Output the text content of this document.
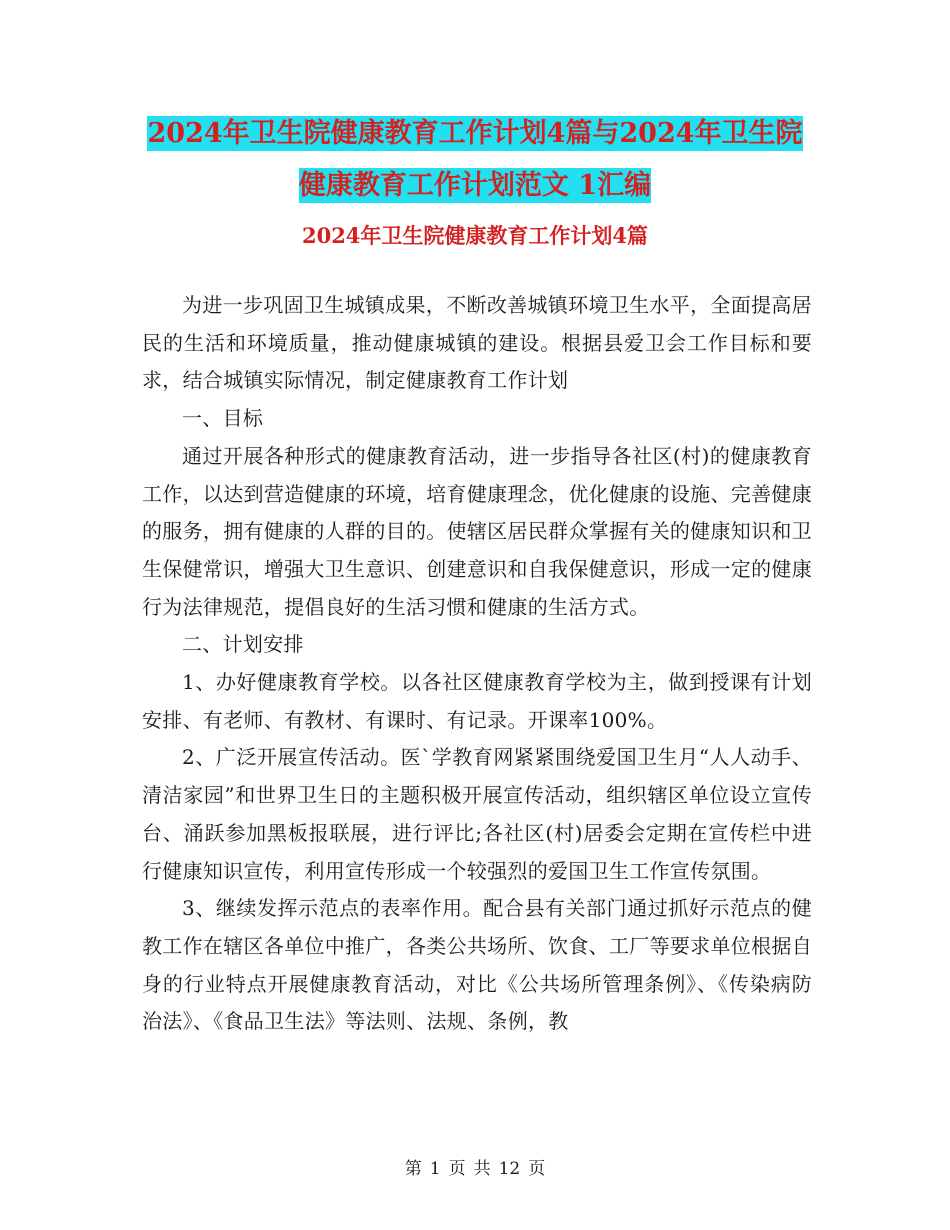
2024年卫生院健康教育工作计划4篇与2024年卫生院
健康教育工作计划范文 1汇编
2024年卫生院健康教育工作计划4篇

为进一步巩固卫生城镇成果，不断改善城镇环境卫生水平，全面提高居民的生活和环境质量，推动健康城镇的建设。根据县爱卫会工作目标和要求，结合城镇实际情况，制定健康教育工作计划

一、目标

通过开展各种形式的健康教育活动，进一步指导各社区(村)的健康教育工作，以达到营造健康的环境，培育健康理念，优化健康的设施、完善健康的服务，拥有健康的人群的目的。使辖区居民群众掌握有关的健康知识和卫生保健常识，增强大卫生意识、创建意识和自我保健意识，形成一定的健康行为法律规范，提倡良好的生活习惯和健康的生活方式。

二、计划安排

1、办好健康教育学校。以各社区健康教育学校为主，做到授课有计划安排、有老师、有教材、有课时、有记录。开课率100%。

2、广泛开展宣传活动。医`学教育网紧紧围绕爱国卫生月“人人动手、清洁家园”和世界卫生日的主题积极开展宣传活动，组织辖区单位设立宣传台、涌跃参加黑板报联展，进行评比;各社区(村)居委会定期在宣传栏中进行健康知识宣传，利用宣传形成一个较强烈的爱国卫生工作宣传氛围。

3、继续发挥示范点的表率作用。配合县有关部门通过抓好示范点的健教工作在辖区各单位中推广，各类公共场所、饮食、工厂等要求单位根据自身的行业特点开展健康教育活动，对比《公共场所管理条例》、《传染病防治法》、《食品卫生法》等法则、法规、条例，教

第 1 页 共 12 页
